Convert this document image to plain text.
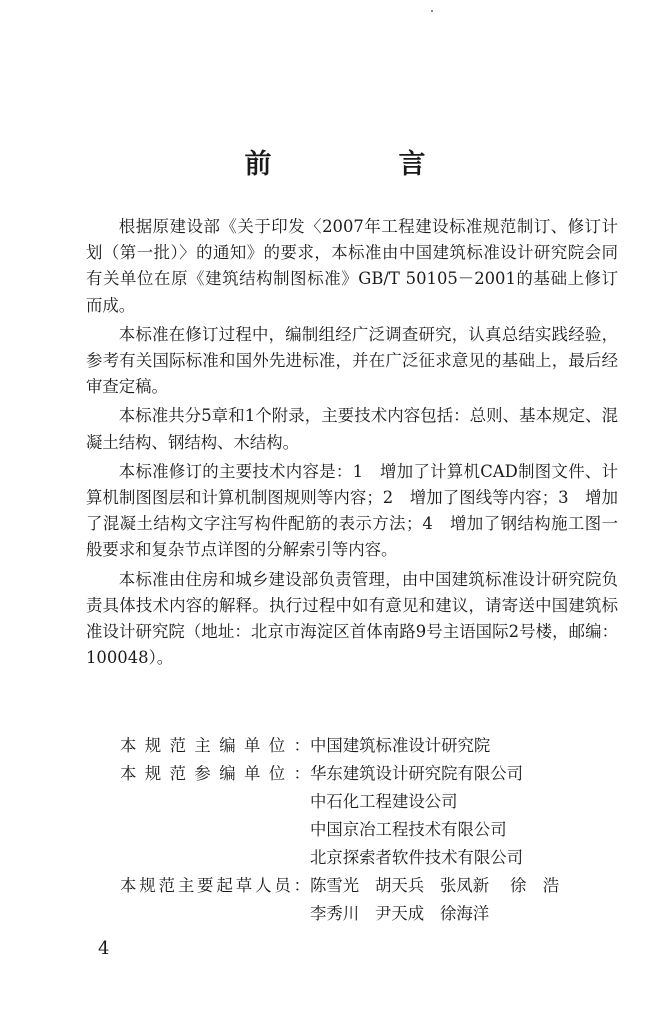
前　言

根据原建设部《关于印发〈2007年工程建设标准规范制订、修订计划（第一批）〉的通知》的要求，本标准由中国建筑标准设计研究院会同有关单位在原《建筑结构制图标准》GB/T 50105－2001的基础上修订而成。

本标准在修订过程中，编制组经广泛调查研究，认真总结实践经验，参考有关国际标准和国外先进标准，并在广泛征求意见的基础上，最后经审查定稿。

本标准共分5章和1个附录，主要技术内容包括：总则、基本规定、混凝土结构、钢结构、木结构。

本标准修订的主要技术内容是：1　增加了计算机CAD制图文件、计算机制图图层和计算机制图规则等内容；2　增加了图线等内容；3　增加了混凝土结构文字注写构件配筋的表示方法；4　增加了钢结构施工图一般要求和复杂节点详图的分解索引等内容。

本标准由住房和城乡建设部负责管理，由中国建筑标准设计研究院负责具体技术内容的解释。执行过程中如有意见和建议，请寄送中国建筑标准设计研究院（地址：北京市海淀区首体南路9号主语国际2号楼，邮编：100048）。

本规范主编单位： 中国建筑标准设计研究院
本规范参编单位： 华东建筑设计研究院有限公司
中石化工程建设公司
中国京冶工程技术有限公司
北京探索者软件技术有限公司
本规范主要起草人员： 陈雪光 胡天兵 张凤新	徐　浩
李秀川 尹天成 徐海洋
4
